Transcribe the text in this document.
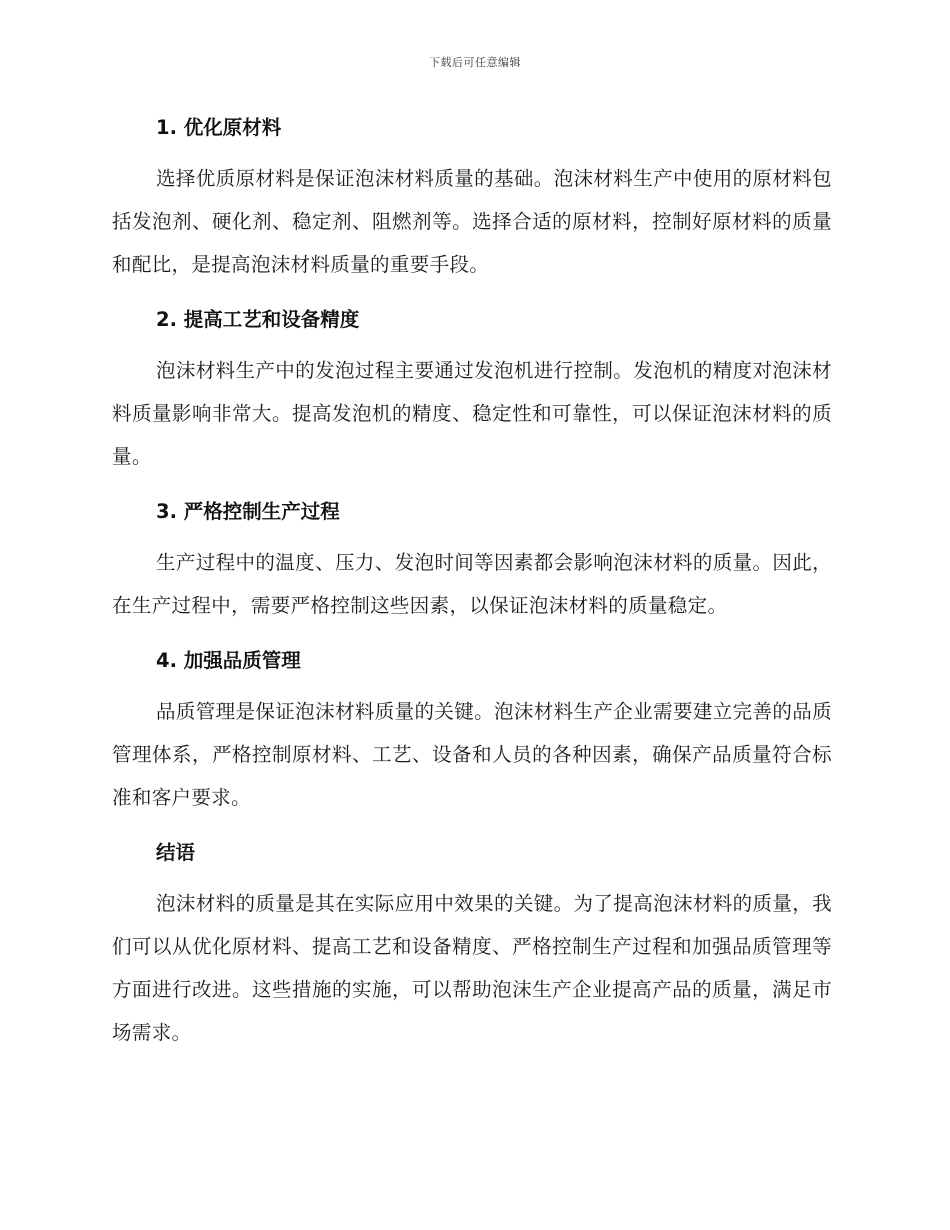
下载后可任意编辑
1. 优化原材料

选择优质原材料是保证泡沫材料质量的基础。泡沫材料生产中使用的原材料包括发泡剂、硬化剂、稳定剂、阻燃剂等。选择合适的原材料，控制好原材料的质量和配比，是提高泡沫材料质量的重要手段。

2. 提高工艺和设备精度

泡沫材料生产中的发泡过程主要通过发泡机进行控制。发泡机的精度对泡沫材料质量影响非常大。提高发泡机的精度、稳定性和可靠性，可以保证泡沫材料的质量。

3. 严格控制生产过程

生产过程中的温度、压力、发泡时间等因素都会影响泡沫材料的质量。因此，在生产过程中，需要严格控制这些因素，以保证泡沫材料的质量稳定。

4. 加强品质管理

品质管理是保证泡沫材料质量的关键。泡沫材料生产企业需要建立完善的品质管理体系，严格控制原材料、工艺、设备和人员的各种因素，确保产品质量符合标准和客户要求。

结语

泡沫材料的质量是其在实际应用中效果的关键。为了提高泡沫材料的质量，我们可以从优化原材料、提高工艺和设备精度、严格控制生产过程和加强品质管理等方面进行改进。这些措施的实施，可以帮助泡沫生产企业提高产品的质量，满足市场需求。
